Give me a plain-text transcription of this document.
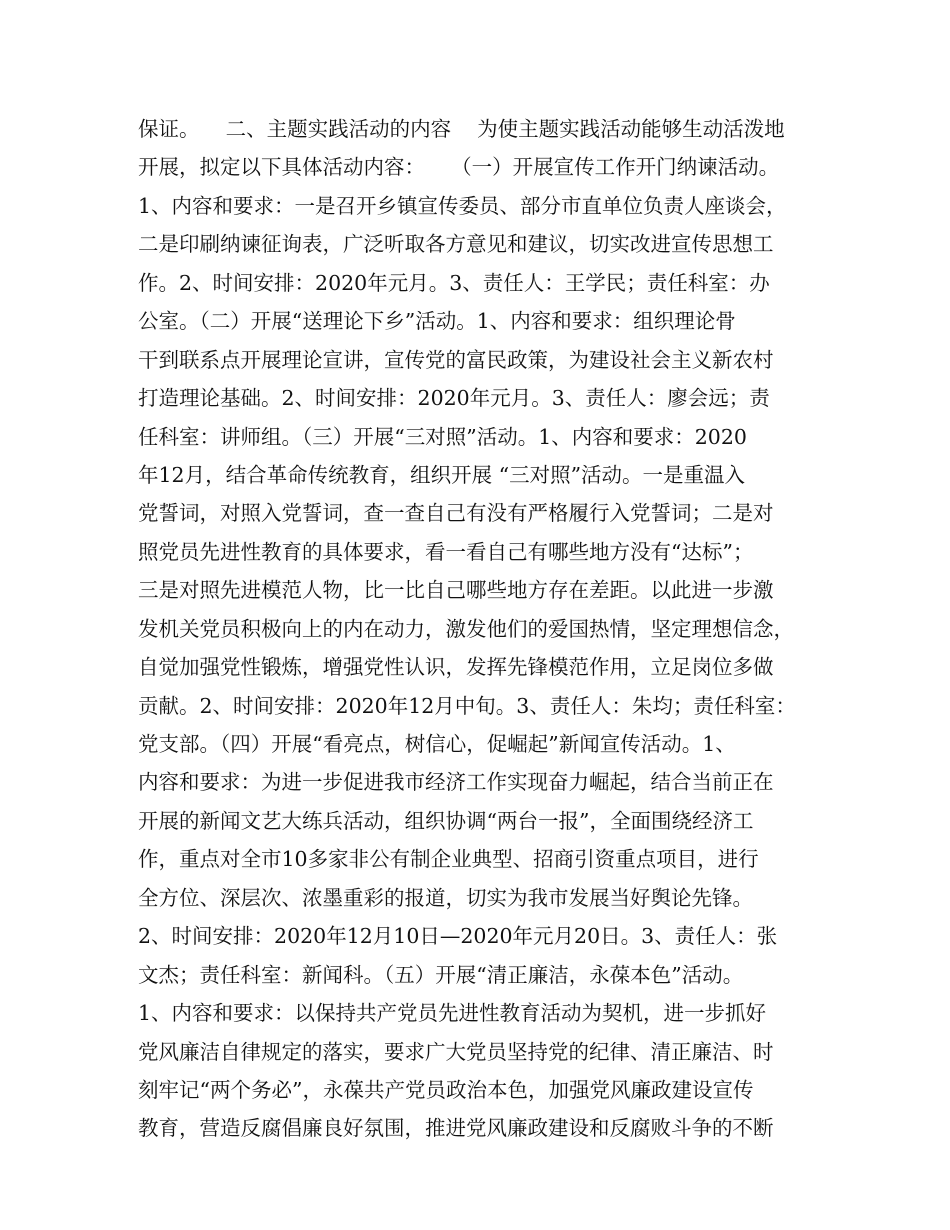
保证。    二、主题实践活动的内容    为使主题实践活动能够生动活泼地
开展，拟定以下具体活动内容：    （一）开展宣传工作开门纳谏活动。
1、内容和要求：一是召开乡镇宣传委员、部分市直单位负责人座谈会，
二是印刷纳谏征询表，广泛听取各方意见和建议，切实改进宣传思想工
作。2、时间安排：2020年元月。3、责任人：王学民；责任科室：办
公室。（二）开展“送理论下乡”活动。1、内容和要求：组织理论骨
干到联系点开展理论宣讲，宣传党的富民政策，为建设社会主义新农村
打造理论基础。2、时间安排：2020年元月。3、责任人：廖会远；责
任科室：讲师组。（三）开展“三对照”活动。1、内容和要求：2020
年12月，结合革命传统教育，组织开展 “三对照”活动。一是重温入
党誓词，对照入党誓词，查一查自己有没有严格履行入党誓词；二是对
照党员先进性教育的具体要求，看一看自己有哪些地方没有“达标”；
三是对照先进模范人物，比一比自己哪些地方存在差距。以此进一步激
发机关党员积极向上的内在动力，激发他们的爱国热情，坚定理想信念，
自觉加强党性锻炼，增强党性认识，发挥先锋模范作用，立足岗位多做
贡献。2、时间安排：2020年12月中旬。3、责任人：朱均；责任科室：
党支部。（四）开展“看亮点，树信心，促崛起”新闻宣传活动。1、
内容和要求：为进一步促进我市经济工作实现奋力崛起，结合当前正在
开展的新闻文艺大练兵活动，组织协调“两台一报”，全面围绕经济工
作，重点对全市10多家非公有制企业典型、招商引资重点项目，进行
全方位、深层次、浓墨重彩的报道，切实为我市发展当好舆论先锋。
2、时间安排：2020年12月10日—2020年元月20日。3、责任人：张
文杰；责任科室：新闻科。（五）开展“清正廉洁，永葆本色”活动。
1、内容和要求：以保持共产党员先进性教育活动为契机，进一步抓好
党风廉洁自律规定的落实，要求广大党员坚持党的纪律、清正廉洁、时
刻牢记“两个务必”，永葆共产党员政治本色，加强党风廉政建设宣传
教育，营造反腐倡廉良好氛围，推进党风廉政建设和反腐败斗争的不断
